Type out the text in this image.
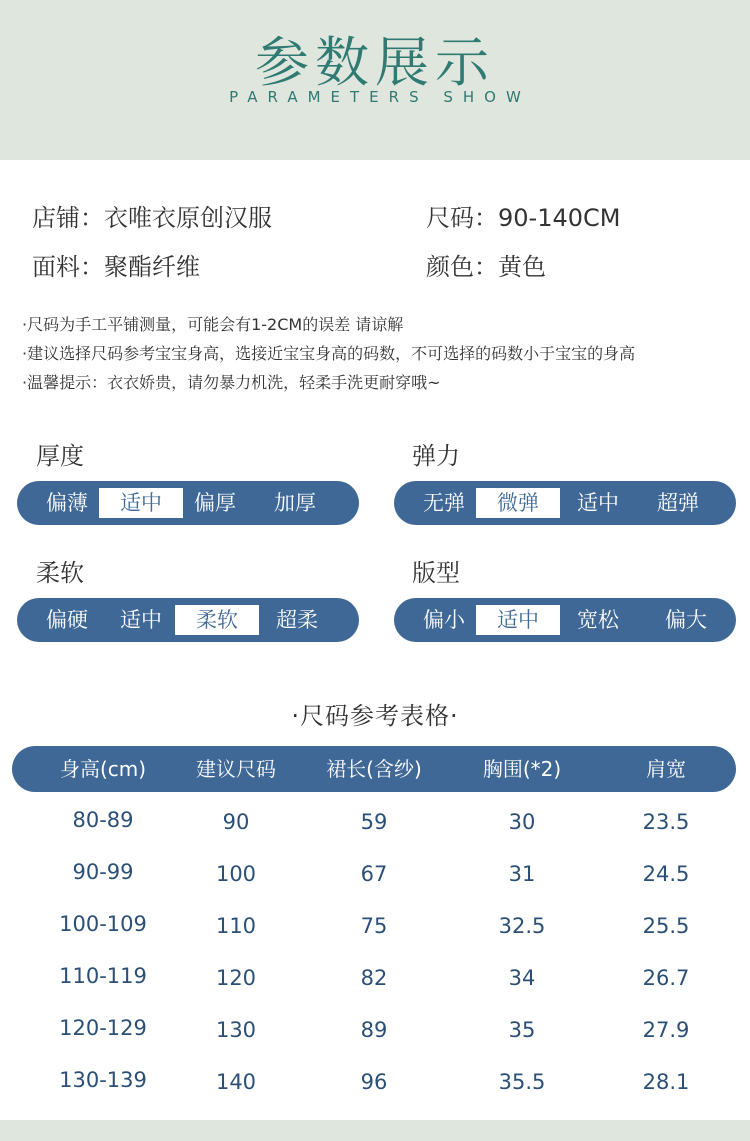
参数展示
PARAMETERS SHOW
店铺：衣唯衣原创汉服	尺码：90-140CM
面料：聚酯纤维	颜色：黄色
·尺码为手工平铺测量，可能会有1-2CM的误差 请谅解
·建议选择尺码参考宝宝身高，选接近宝宝身高的码数，不可选择的码数小于宝宝的身高
·温馨提示：衣衣娇贵，请勿暴力机洗，轻柔手洗更耐穿哦~
厚度
偏薄	适中	偏厚	加厚
弹力
无弹	微弹	适中	超弹
柔软
偏硬	适中	柔软	超柔
版型
偏小	适中	宽松	偏大
·尺码参考表格·
身高(cm)	建议尺码	裙长(含纱)	胸围(*2)	肩宽
80-89	90	59	30	23.5
90-99	100	67	31	24.5
100-109	110	75	32.5	25.5
110-119	120	82	34	26.7
120-129	130	89	35	27.9
130-139	140	96	35.5	28.1
